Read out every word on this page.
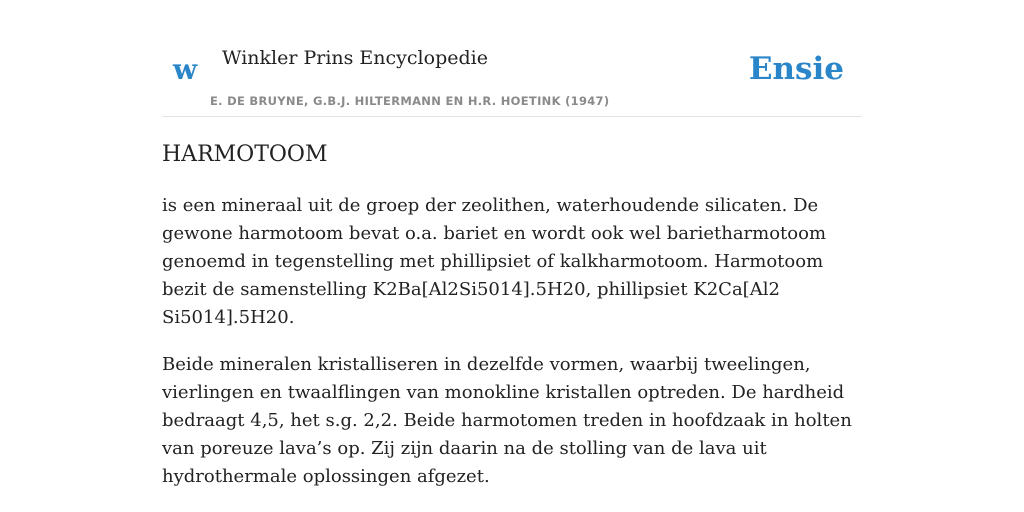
w Winkler Prins Encyclopedie
E. DE BRUYNE, G.B.J. HILTERMANN EN H.R. HOETINK (1947)
Ensie
HARMOTOOM

is een mineraal uit de groep der zeolithen, waterhoudende silicaten. De gewone harmotoom bevat o.a. bariet en wordt ook wel barietharmotoom genoemd in tegenstelling met phillipsiet of kalkharmotoom. Harmotoom bezit de samenstelling K2Ba[Al2Si5014].5H20, phillipsiet K2Ca[Al2 Si5014].5H20.

Beide mineralen kristalliseren in dezelfde vormen, waarbij tweelingen, vierlingen en twaalflingen van monokline kristallen optreden. De hardheid bedraagt 4,5, het s.g. 2,2. Beide harmotomen treden in hoofdzaak in holten van poreuze lava’s op. Zij zijn daarin na de stolling van de lava uit hydrothermale oplossingen afgezet.
